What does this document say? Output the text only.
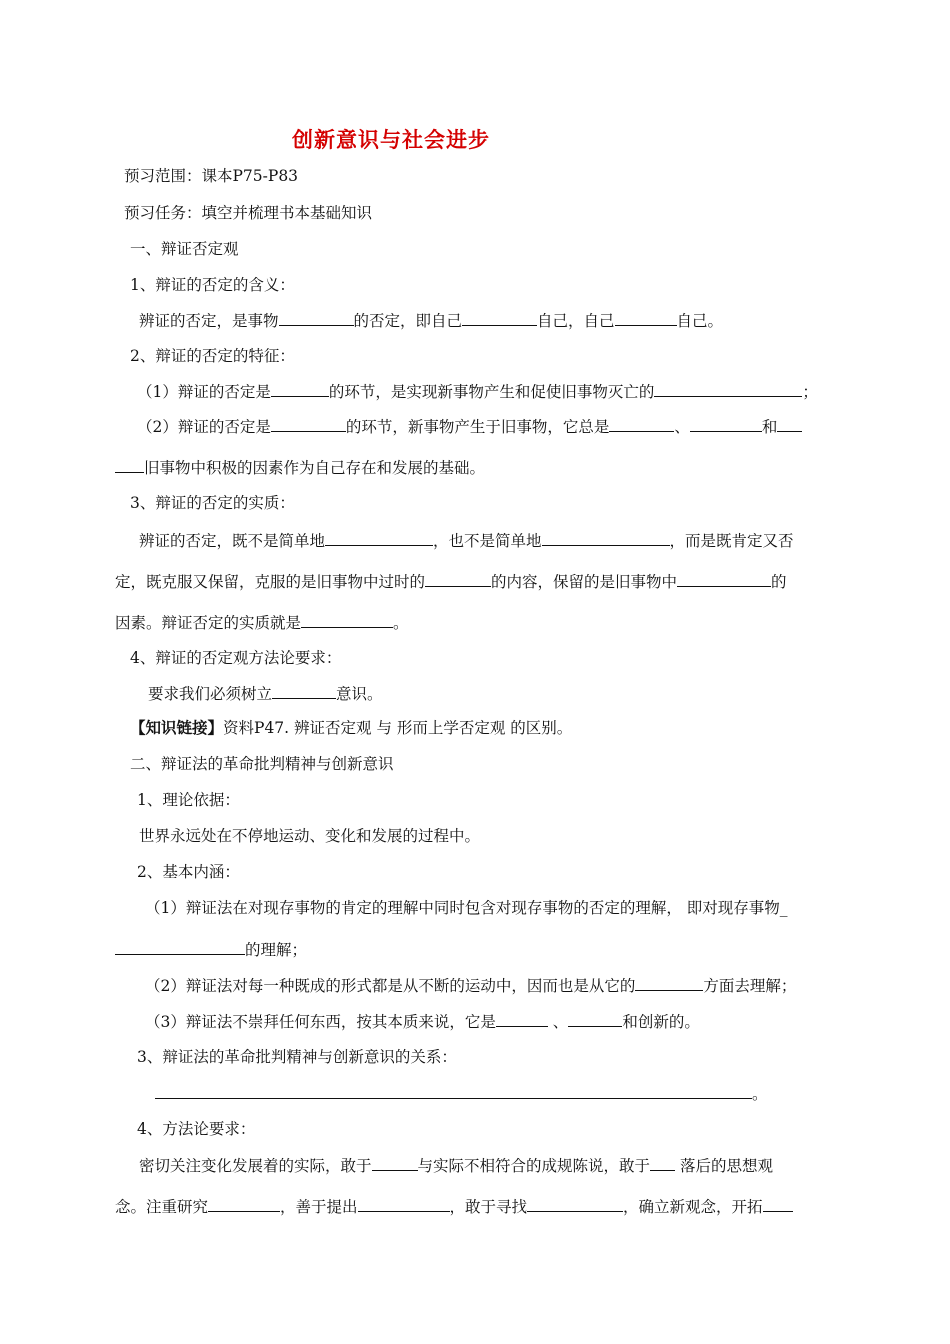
创新意识与社会进步
预习范围：课本P75-P83
预习任务：填空并梳理书本基础知识
一、辩证否定观
1、辩证的否定的含义：
辨证的否定，是事物	的否定，即自己	自己，自己	自己。
2、辩证的否定的特征：
（1）辩证的否定是	的环节，是实现新事物产生和促使旧事物灭亡的	；
（2）辩证的否定是	的环节，新事物产生于旧事物，它总是	、	和
旧事物中积极的因素作为自己存在和发展的基础。
3、辩证的否定的实质：
辨证的否定，既不是简单地	，也不是简单地	，而是既肯定又否
定，既克服又保留，克服的是旧事物中过时的	的内容，保留的是旧事物中	的
因素。辩证否定的实质就是	。
4、辩证的否定观方法论要求：
要求我们必须树立	意识。
【知识链接】资料P47. 辨证否定观 与 形而上学否定观 的区别。
二、辩证法的革命批判精神与创新意识
1、理论依据：
世界永远处在不停地运动、变化和发展的过程中。
2、基本内涵：
（1）辩证法在对现存事物的肯定的理解中同时包含对现存事物的否定的理解， 即对现存事物_
的理解；
（2）辩证法对每一种既成的形式都是从不断的运动中，因而也是从它的	方面去理解；
（3）辩证法不崇拜任何东西，按其本质来说，它是	、	和创新的。
3、辩证法的革命批判精神与创新意识的关系：
。
4、方法论要求：
密切关注变化发展着的实际，敢于	与实际不相符合的成规陈说，敢于 落后的思想观
念。注重研究	，善于提出	，敢于寻找	，确立新观念，开拓
